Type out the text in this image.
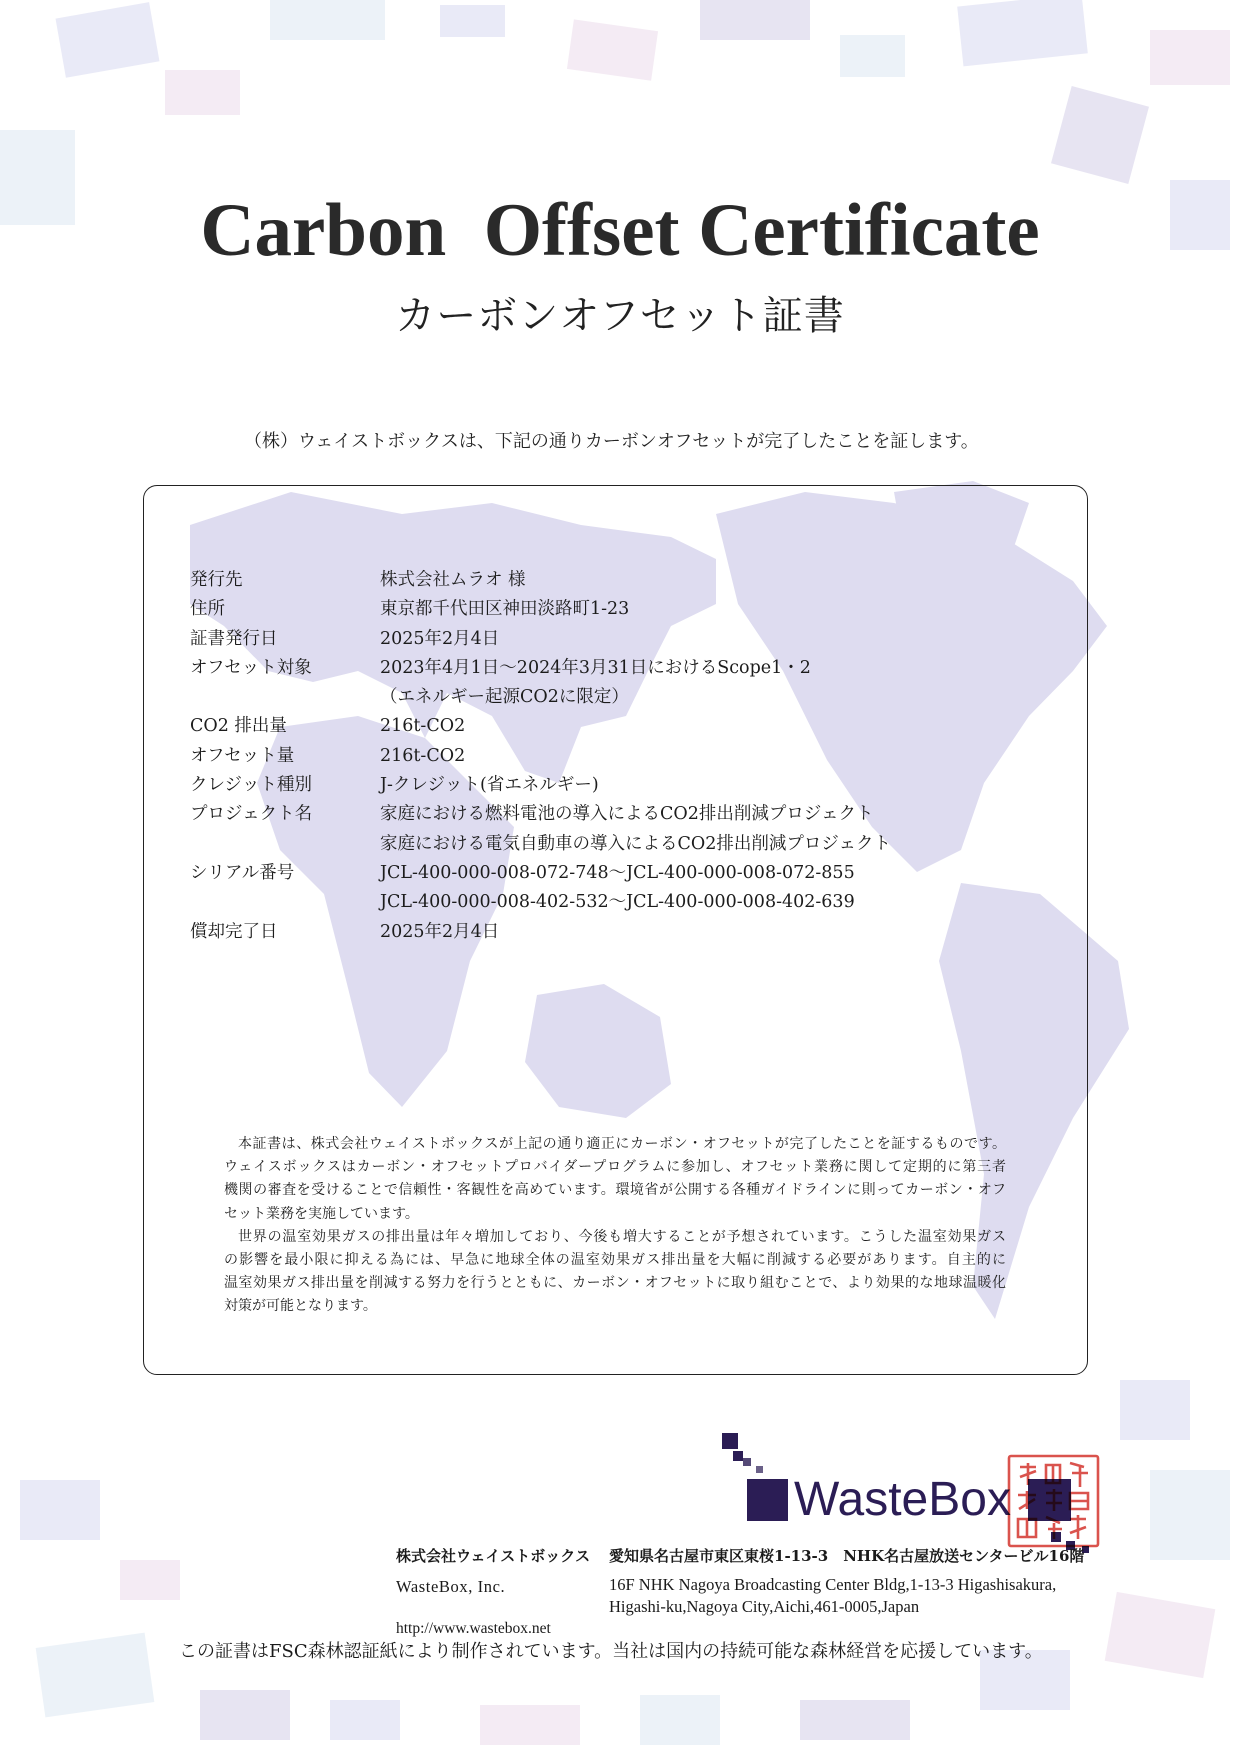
Carbon  Offset Certificate
カーボンオフセット証書
（株）ウェイストボックスは、下記の通りカーボンオフセットが完了したことを証します。
発行先	株式会社ムラオ 様
住所	東京都千代田区神田淡路町1-23
証書発行日	2025年2月4日
オフセット対象	2023年4月1日～2024年3月31日におけるScope1・2
（エネルギー起源CO2に限定）
CO2 排出量	216t-CO2
オフセット量	216t-CO2
クレジット種別	J-クレジット(省エネルギー)
プロジェクト名	家庭における燃料電池の導入によるCO2排出削減プロジェクト
家庭における電気自動車の導入によるCO2排出削減プロジェクト
シリアル番号	JCL-400-000-008-072-748～JCL-400-000-008-072-855
JCL-400-000-008-402-532～JCL-400-000-008-402-639
償却完了日	2025年2月4日
本証書は、株式会社ウェイストボックスが上記の通り適正にカーボン・オフセットが完了したことを証するものです。
ウェイスボックスはカーボン・オフセットプロバイダープログラムに参加し、オフセット業務に関して定期的に第三者
機関の審査を受けることで信頼性・客観性を高めています。環境省が公開する各種ガイドラインに則ってカーボン・オフ
セット業務を実施しています。
世界の温室効果ガスの排出量は年々増加しており、今後も増大することが予想されています。こうした温室効果ガス
の影響を最小限に抑える為には、早急に地球全体の温室効果ガス排出量を大幅に削減する必要があります。自主的に
温室効果ガス排出量を削減する努力を行うとともに、カーボン・オフセットに取り組むことで、より効果的な地球温暖化
対策が可能となります。
WasteBox
株式会社ウェイストボックス 愛知県名古屋市東区東桜1-13-3　NHK名古屋放送センタービル16階
WasteBox, Inc.	16F NHK Nagoya Broadcasting Center Bldg,1-13-3 Higashisakura,
Higashi-ku,Nagoya City,Aichi,461-0005,Japan
http://www.wastebox.net
この証書はFSC森林認証紙により制作されています。当社は国内の持続可能な森林経営を応援しています。
